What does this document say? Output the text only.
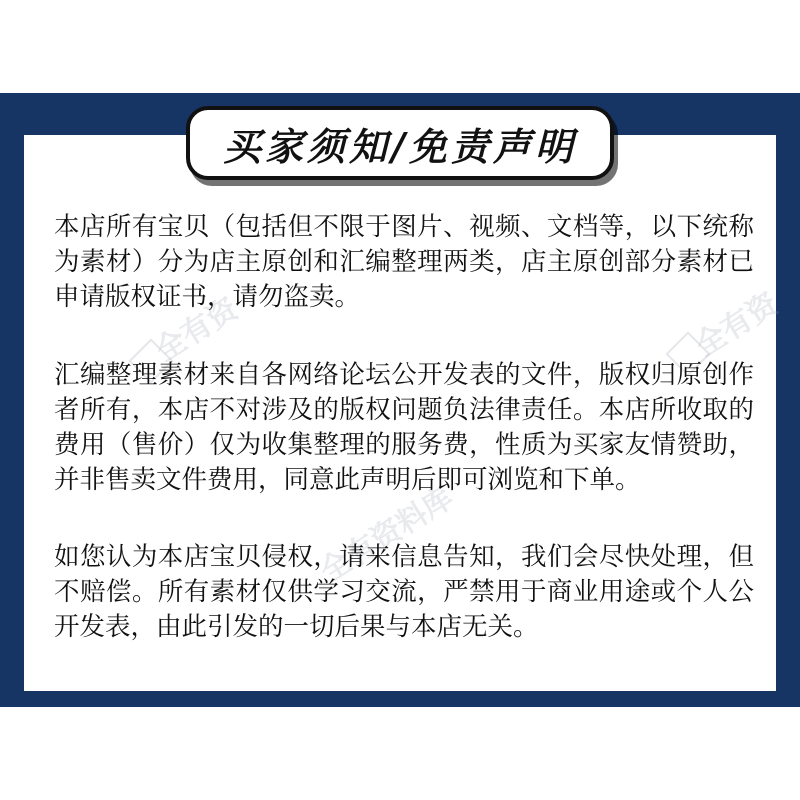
全有资	全有资
全有资料库
买家须知/免责声明

本店所有宝贝（包括但不限于图片、视频、文档等，以下统称为素材）分为店主原创和汇编整理两类，店主原创部分素材已申请版权证书，请勿盗卖。

汇编整理素材来自各网络论坛公开发表的文件，版权归原创作者所有，本店不对涉及的版权问题负法律责任。本店所收取的费用（售价）仅为收集整理的服务费，性质为买家友情赞助，并非售卖文件费用，同意此声明后即可浏览和下单。

如您认为本店宝贝侵权，请来信息告知，我们会尽快处理，但不赔偿。所有素材仅供学习交流，严禁用于商业用途或个人公开发表，由此引发的一切后果与本店无关。
